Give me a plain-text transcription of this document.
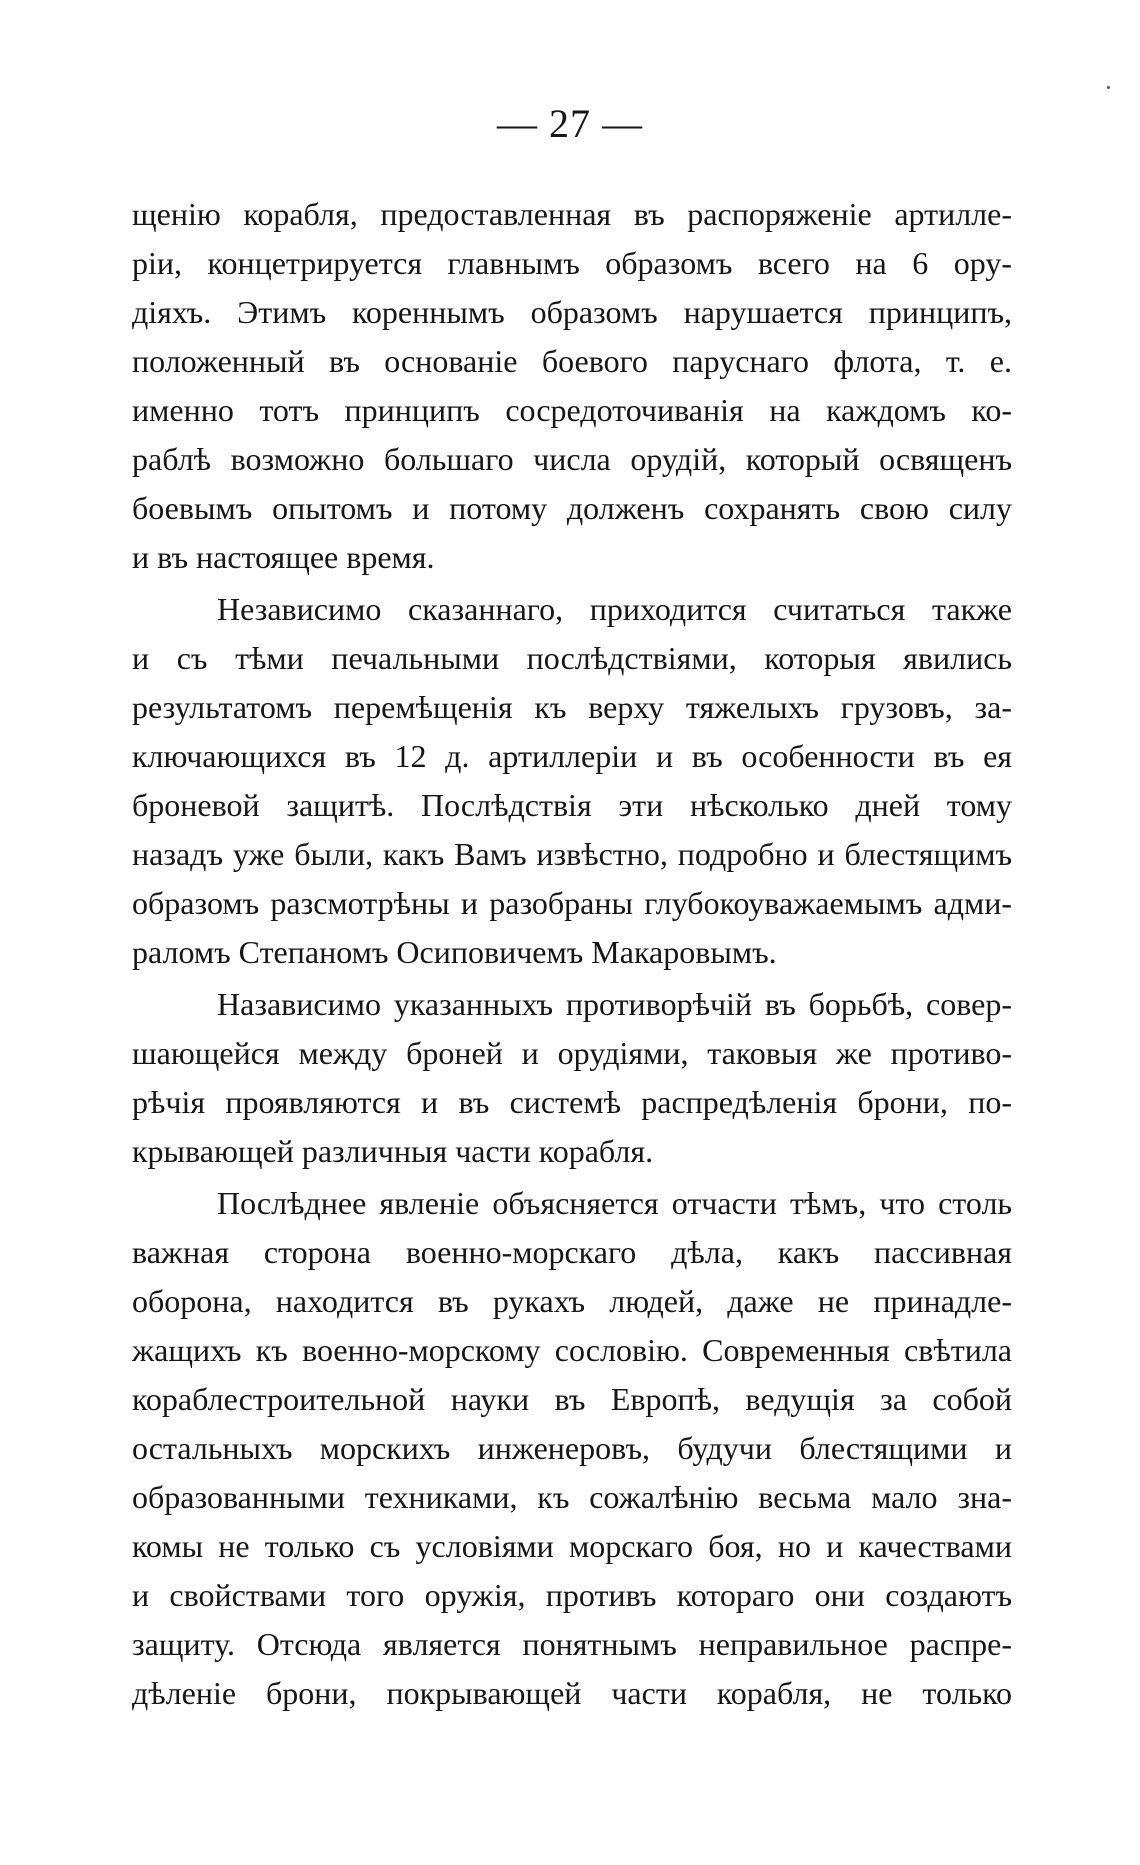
— 27 —
щенію корабля, предоставленная въ распоряженіе артилле-
ріи, концетрируется главнымъ образомъ всего на 6 ору-
діяхъ. Этимъ кореннымъ образомъ нарушается принципъ,
положенный въ основаніе боевого паруснаго флота, т. е.
именно тотъ принципъ сосредоточиванія на каждомъ ко-
раблѣ возможно большаго числа орудій, который освященъ
боевымъ опытомъ и потому долженъ сохранять свою силу
и въ настоящее время.
Независимо сказаннаго, приходится считаться также
и съ тѣми печальными послѣдствіями, которыя явились
результатомъ перемѣщенія къ верху тяжелыхъ грузовъ, за-
ключающихся въ 12 д. артиллеріи и въ особенности въ ея
броневой защитѣ. Послѣдствія эти нѣсколько дней тому
назадъ уже были, какъ Вамъ извѣстно, подробно и блестящимъ
образомъ разсмотрѣны и разобраны глубокоуважаемымъ адми-
раломъ Степаномъ Осиповичемъ Макаровымъ.
Назависимо указанныхъ противорѣчій въ борьбѣ, совер-
шающейся между броней и орудіями, таковыя же противо-
рѣчія проявляются и въ системѣ распредѣленія брони, по-
крывающей различныя части корабля.
Послѣднее явленіе объясняется отчасти тѣмъ, что столь
важная сторона военно-морскаго дѣла, какъ пассивная
оборона, находится въ рукахъ людей, даже не принадле-
жащихъ къ военно-морскому сословію. Современныя свѣтила
кораблестроительной науки въ Европѣ, ведущія за собой
остальныхъ морскихъ инженеровъ, будучи блестящими и
образованными техниками, къ сожалѣнію весьма мало зна-
комы не только съ условіями морскаго боя, но и качествами
и свойствами того оружія, противъ котораго они создаютъ
защиту. Отсюда является понятнымъ неправильное распре-
дѣленіе брони, покрывающей части корабля, не только
